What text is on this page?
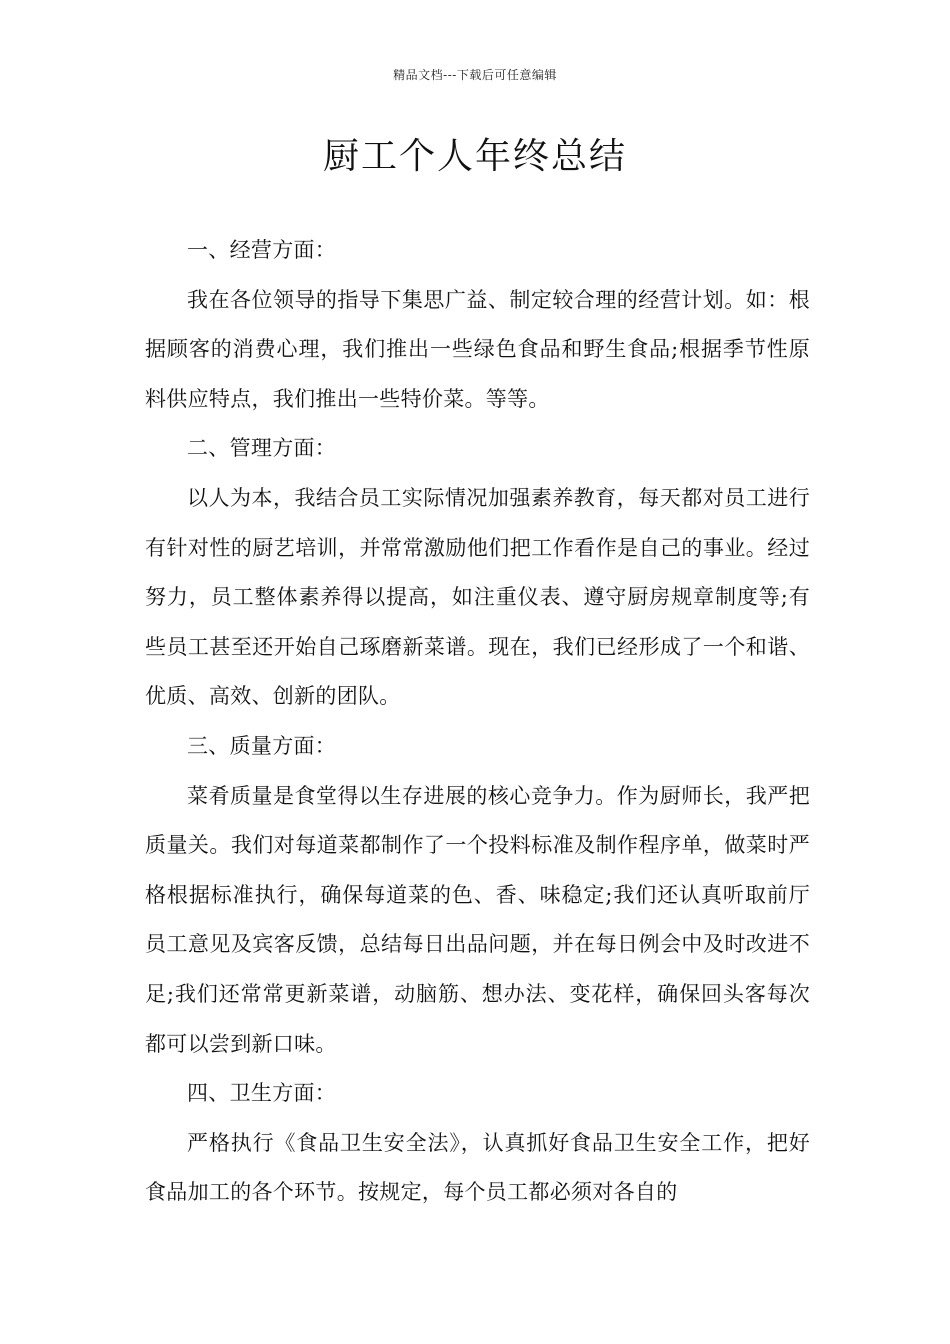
精品文档---下载后可任意编辑
厨工个人年终总结
一、经营方面：

我在各位领导的指导下集思广益、制定较合理的经营计划。如：根据顾客的消费心理，我们推出一些绿色食品和野生食品;根据季节性原料供应特点，我们推出一些特价菜。等等。

二、管理方面：

以人为本，我结合员工实际情况加强素养教育，每天都对员工进行有针对性的厨艺培训，并常常激励他们把工作看作是自己的事业。经过努力，员工整体素养得以提高，如注重仪表、遵守厨房规章制度等;有些员工甚至还开始自己琢磨新菜谱。现在，我们已经形成了一个和谐、优质、高效、创新的团队。

三、质量方面：

菜肴质量是食堂得以生存进展的核心竞争力。作为厨师长，我严把质量关。我们对每道菜都制作了一个投料标准及制作程序单，做菜时严格根据标准执行，确保每道菜的色、香、味稳定;我们还认真听取前厅员工意见及宾客反馈，总结每日出品问题，并在每日例会中及时改进不足;我们还常常更新菜谱，动脑筋、想办法、变花样，确保回头客每次都可以尝到新口味。

四、卫生方面：

严格执行《食品卫生安全法》，认真抓好食品卫生安全工作，把好食品加工的各个环节。按规定，每个员工都必须对各自的
